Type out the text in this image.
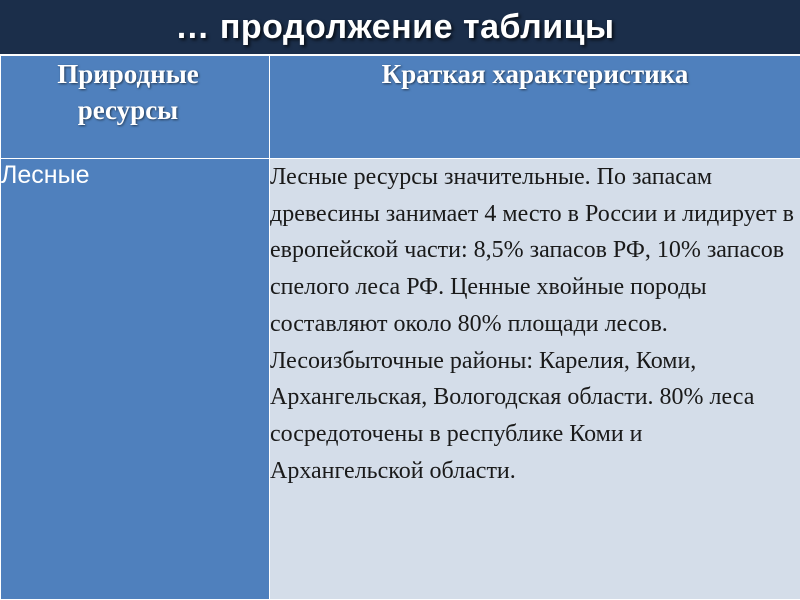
… продолжение таблицы
Природные ресурсы	Краткая характеристика
Лесные	Лесные ресурсы значительные. По запасам древесины занимает 4 место в России и лидирует в европейской части: 8,5% запасов РФ, 10% запасов спелого леса РФ. Ценные хвойные породы составляют около 80% площади лесов. Лесоизбыточные районы: Карелия, Коми, Архангельская, Вологодская области. 80% леса сосредоточены в республике Коми и Архангельской области.
